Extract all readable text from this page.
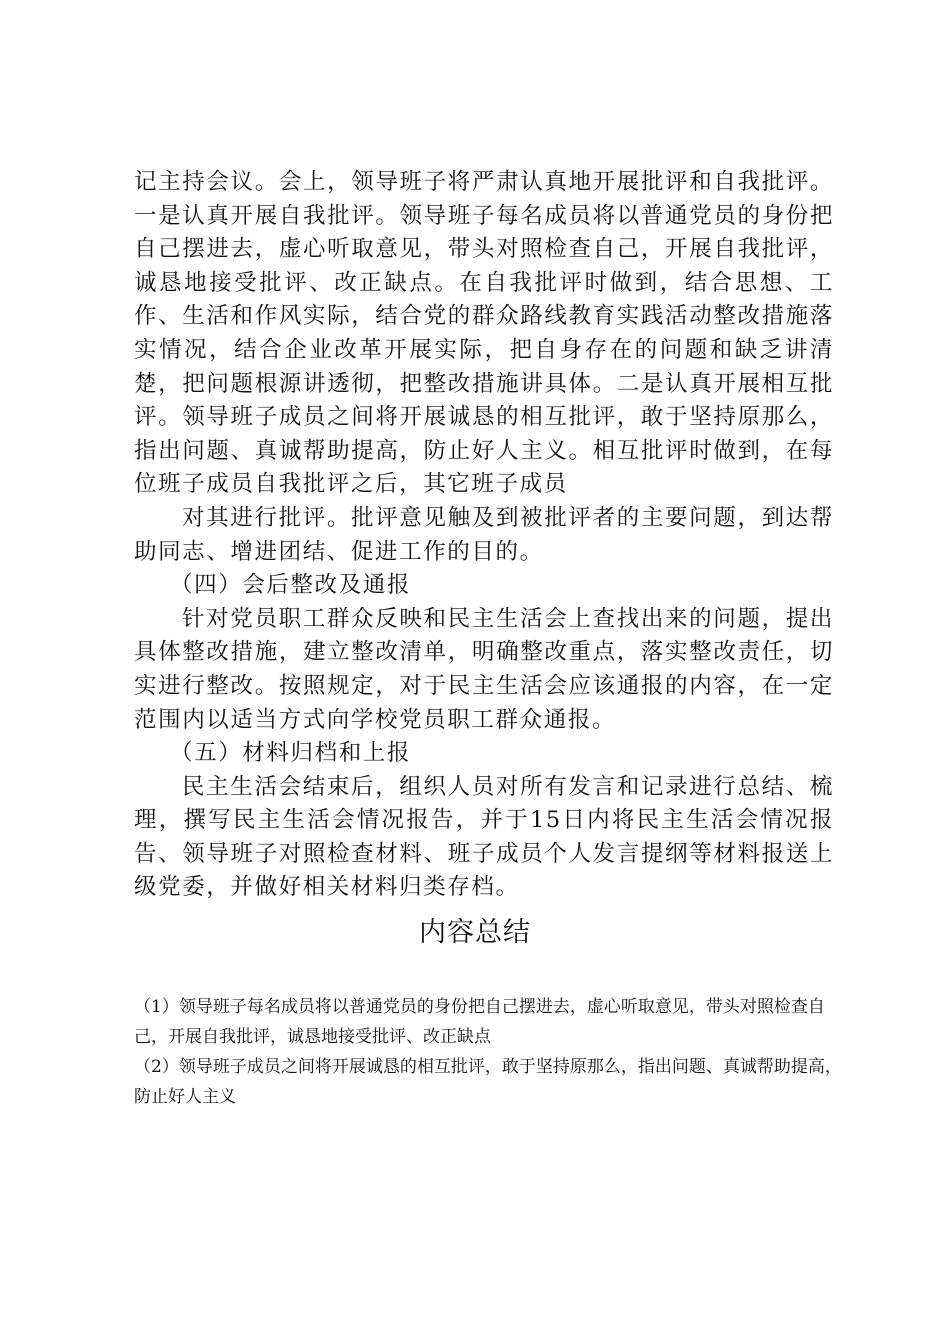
记主持会议。会上，领导班子将严肃认真地开展批评和自我批评。一是认真开展自我批评。领导班子每名成员将以普通党员的身份把自己摆进去，虚心听取意见，带头对照检查自己，开展自我批评，诚恳地接受批评、改正缺点。在自我批评时做到，结合思想、工作、生活和作风实际，结合党的群众路线教育实践活动整改措施落实情况，结合企业改革开展实际，把自身存在的问题和缺乏讲清楚，把问题根源讲透彻，把整改措施讲具体。二是认真开展相互批评。领导班子成员之间将开展诚恳的相互批评，敢于坚持原那么，指出问题、真诚帮助提高，防止好人主义。相互批评时做到，在每位班子成员自我批评之后，其它班子成员

对其进行批评。批评意见触及到被批评者的主要问题，到达帮助同志、增进团结、促进工作的目的。

（四）会后整改及通报

针对党员职工群众反映和民主生活会上查找出来的问题，提出具体整改措施，建立整改清单，明确整改重点，落实整改责任，切实进行整改。按照规定，对于民主生活会应该通报的内容，在一定范围内以适当方式向学校党员职工群众通报。

（五）材料归档和上报

民主生活会结束后，组织人员对所有发言和记录进行总结、梳理，撰写民主生活会情况报告，并于15日内将民主生活会情况报告、领导班子对照检查材料、班子成员个人发言提纲等材料报送上级党委，并做好相关材料归类存档。

内容总结

（1）领导班子每名成员将以普通党员的身份把自己摆进去，虚心听取意见，带头对照检查自己，开展自我批评，诚恳地接受批评、改正缺点

（2）领导班子成员之间将开展诚恳的相互批评，敢于坚持原那么，指出问题、真诚帮助提高，防止好人主义
